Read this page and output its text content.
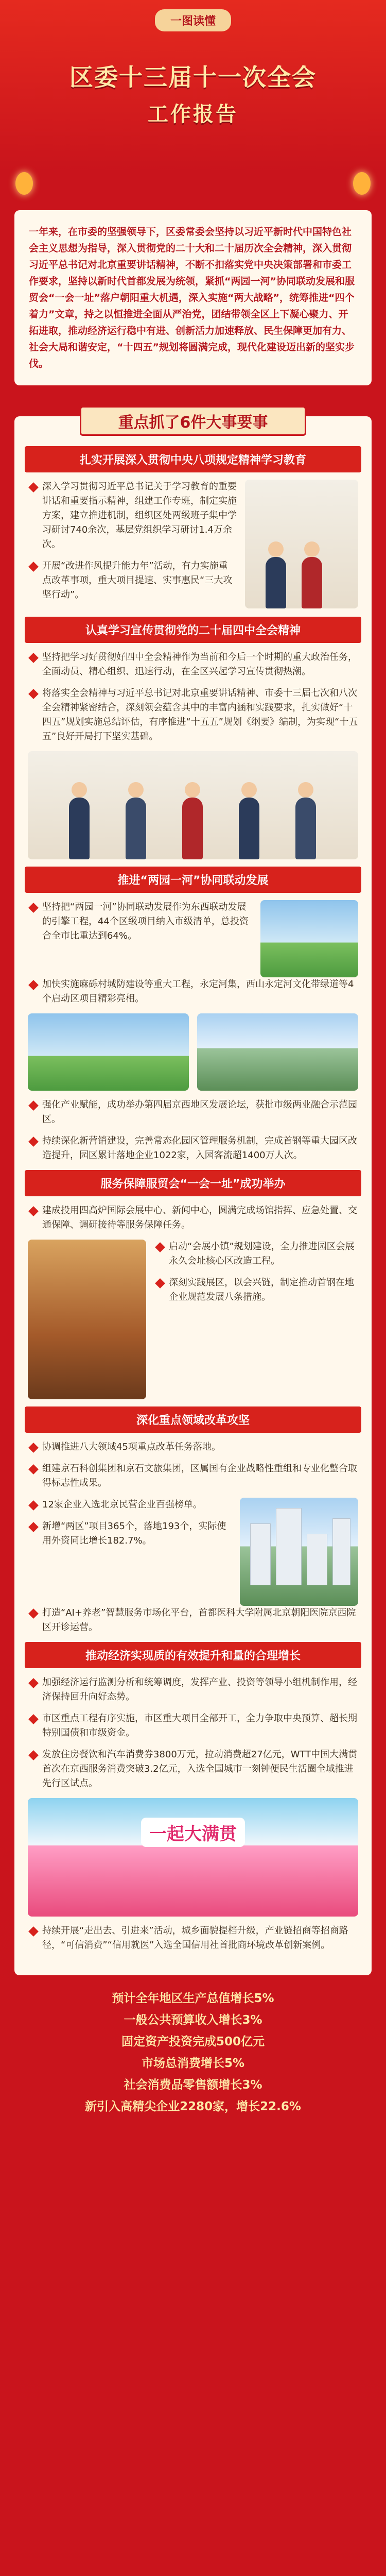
一图读懂
区委十三届十一次全会
工作报告
一年来，在市委的坚强领导下，区委常委会坚持以习近平新时代中国特色社会主义思想为指导，深入贯彻党的二十大和二十届历次全会精神，深入贯彻习近平总书记对北京重要讲话精神，不断不扣落实党中央决策部署和市委工作要求，坚持以新时代首都发展为统领，紧抓“两园一河”协同联动发展和服贸会“一会一址”落户朝阳重大机遇，深入实施“两大战略”，统筹推进“四个着力”文章，持之以恒推进全面从严治党，团结带领全区上下凝心聚力、开拓进取，推动经济运行稳中有进、创新活力加速释放、民生保障更加有力、社会大局和谐安定，“十四五”规划将圆满完成，现代化建设迈出新的坚实步伐。
重点抓了6件大事要事
扎实开展深入贯彻中央八项规定精神学习教育
深入学习贯彻习近平总书记关于学习教育的重要讲话和重要指示精神，组建工作专班，制定实施方案，建立推进机制，组织区处两级班子集中学习研讨740余次，基层党组织学习研讨1.4万余次。
开展“改进作风提升能力年”活动，有力实施重点改革事项，重大项目提速、实事惠民“三大攻坚行动”。
认真学习宣传贯彻党的二十届四中全会精神
坚持把学习好贯彻好四中全会精神作为当前和今后一个时期的重大政治任务，全面动员、精心组织、迅速行动，在全区兴起学习宣传贯彻热潮。
将落实全会精神与习近平总书记对北京重要讲话精神、市委十三届七次和八次全会精神紧密结合，深刻领会蕴含其中的丰富内涵和实践要求，扎实做好“十四五”规划实施总结评估，有序推进“十五五”规划《纲要》编制，为实现“十五五”良好开局打下坚实基础。
推进“两园一河”协同联动发展
坚持把“两园一河”协同联动发展作为东西联动发展的引擎工程，44个区级项目纳入市级清单，总投资合全市比重达到64%。
加快实施麻砾村城防建设等重大工程，永定河集，西山永定河文化带绿道等4个启动区项目精彩亮相。
强化产业赋能，成功举办第四届京西地区发展论坛，获批市级两业融合示范园区。
持续深化新营销建设，完善常态化园区管理服务机制，完成首钢等重大园区改造提升，园区累计落地企业1022家，入园客流超1400万人次。
服务保障服贸会“一会一址”成功举办
建成投用四高炉国际会展中心、新闻中心，圆满完成场馆指挥、应急处置、交通保障、调研接待等服务保障任务。
启动“会展小镇”规划建设，全力推进园区会展永久会址核心区改造工程。
深刻实践展区，以会兴链，制定推动首钢在地企业规范发展八条措施。
深化重点领域改革攻坚
协调推进八大领域45项重点改革任务落地。
组建京石科创集团和京石文旅集团，区属国有企业战略性重组和专业化整合取得标志性成果。
12家企业入选北京民营企业百强榜单。
新增“两区”项目365个，落地193个，实际使用外资同比增长182.7%。
打造“AI+养老”智慧服务市场化平台，首都医科大学附属北京朝阳医院京西院区开诊运营。
推动经济实现质的有效提升和量的合理增长
加强经济运行监测分析和统筹调度，发挥产业、投资等领导小组机制作用，经济保持回升向好态势。
市区重点工程有序实施，市区重大项目全部开工，全力争取中央预算、超长期特别国债和市级资金。
发放住房餐饮和汽车消费券3800万元，拉动消费超27亿元，WTT中国大满贯首次在京西服务消费突破3.2亿元，入选全国城市一刻钟便民生活圈全域推进先行区试点。
一起大满贯
持续开展“走出去、引进来”活动，城乡面貌提档升级，产业链招商等招商路径，“可信消费”“信用就医”入选全国信用社首批商环境改革创新案例。
预计全年地区生产总值增长5%
一般公共预算收入增长3%
固定资产投资完成500亿元
市场总消费增长5%
社会消费品零售额增长3%
新引入高精尖企业2280家，增长22.6%
